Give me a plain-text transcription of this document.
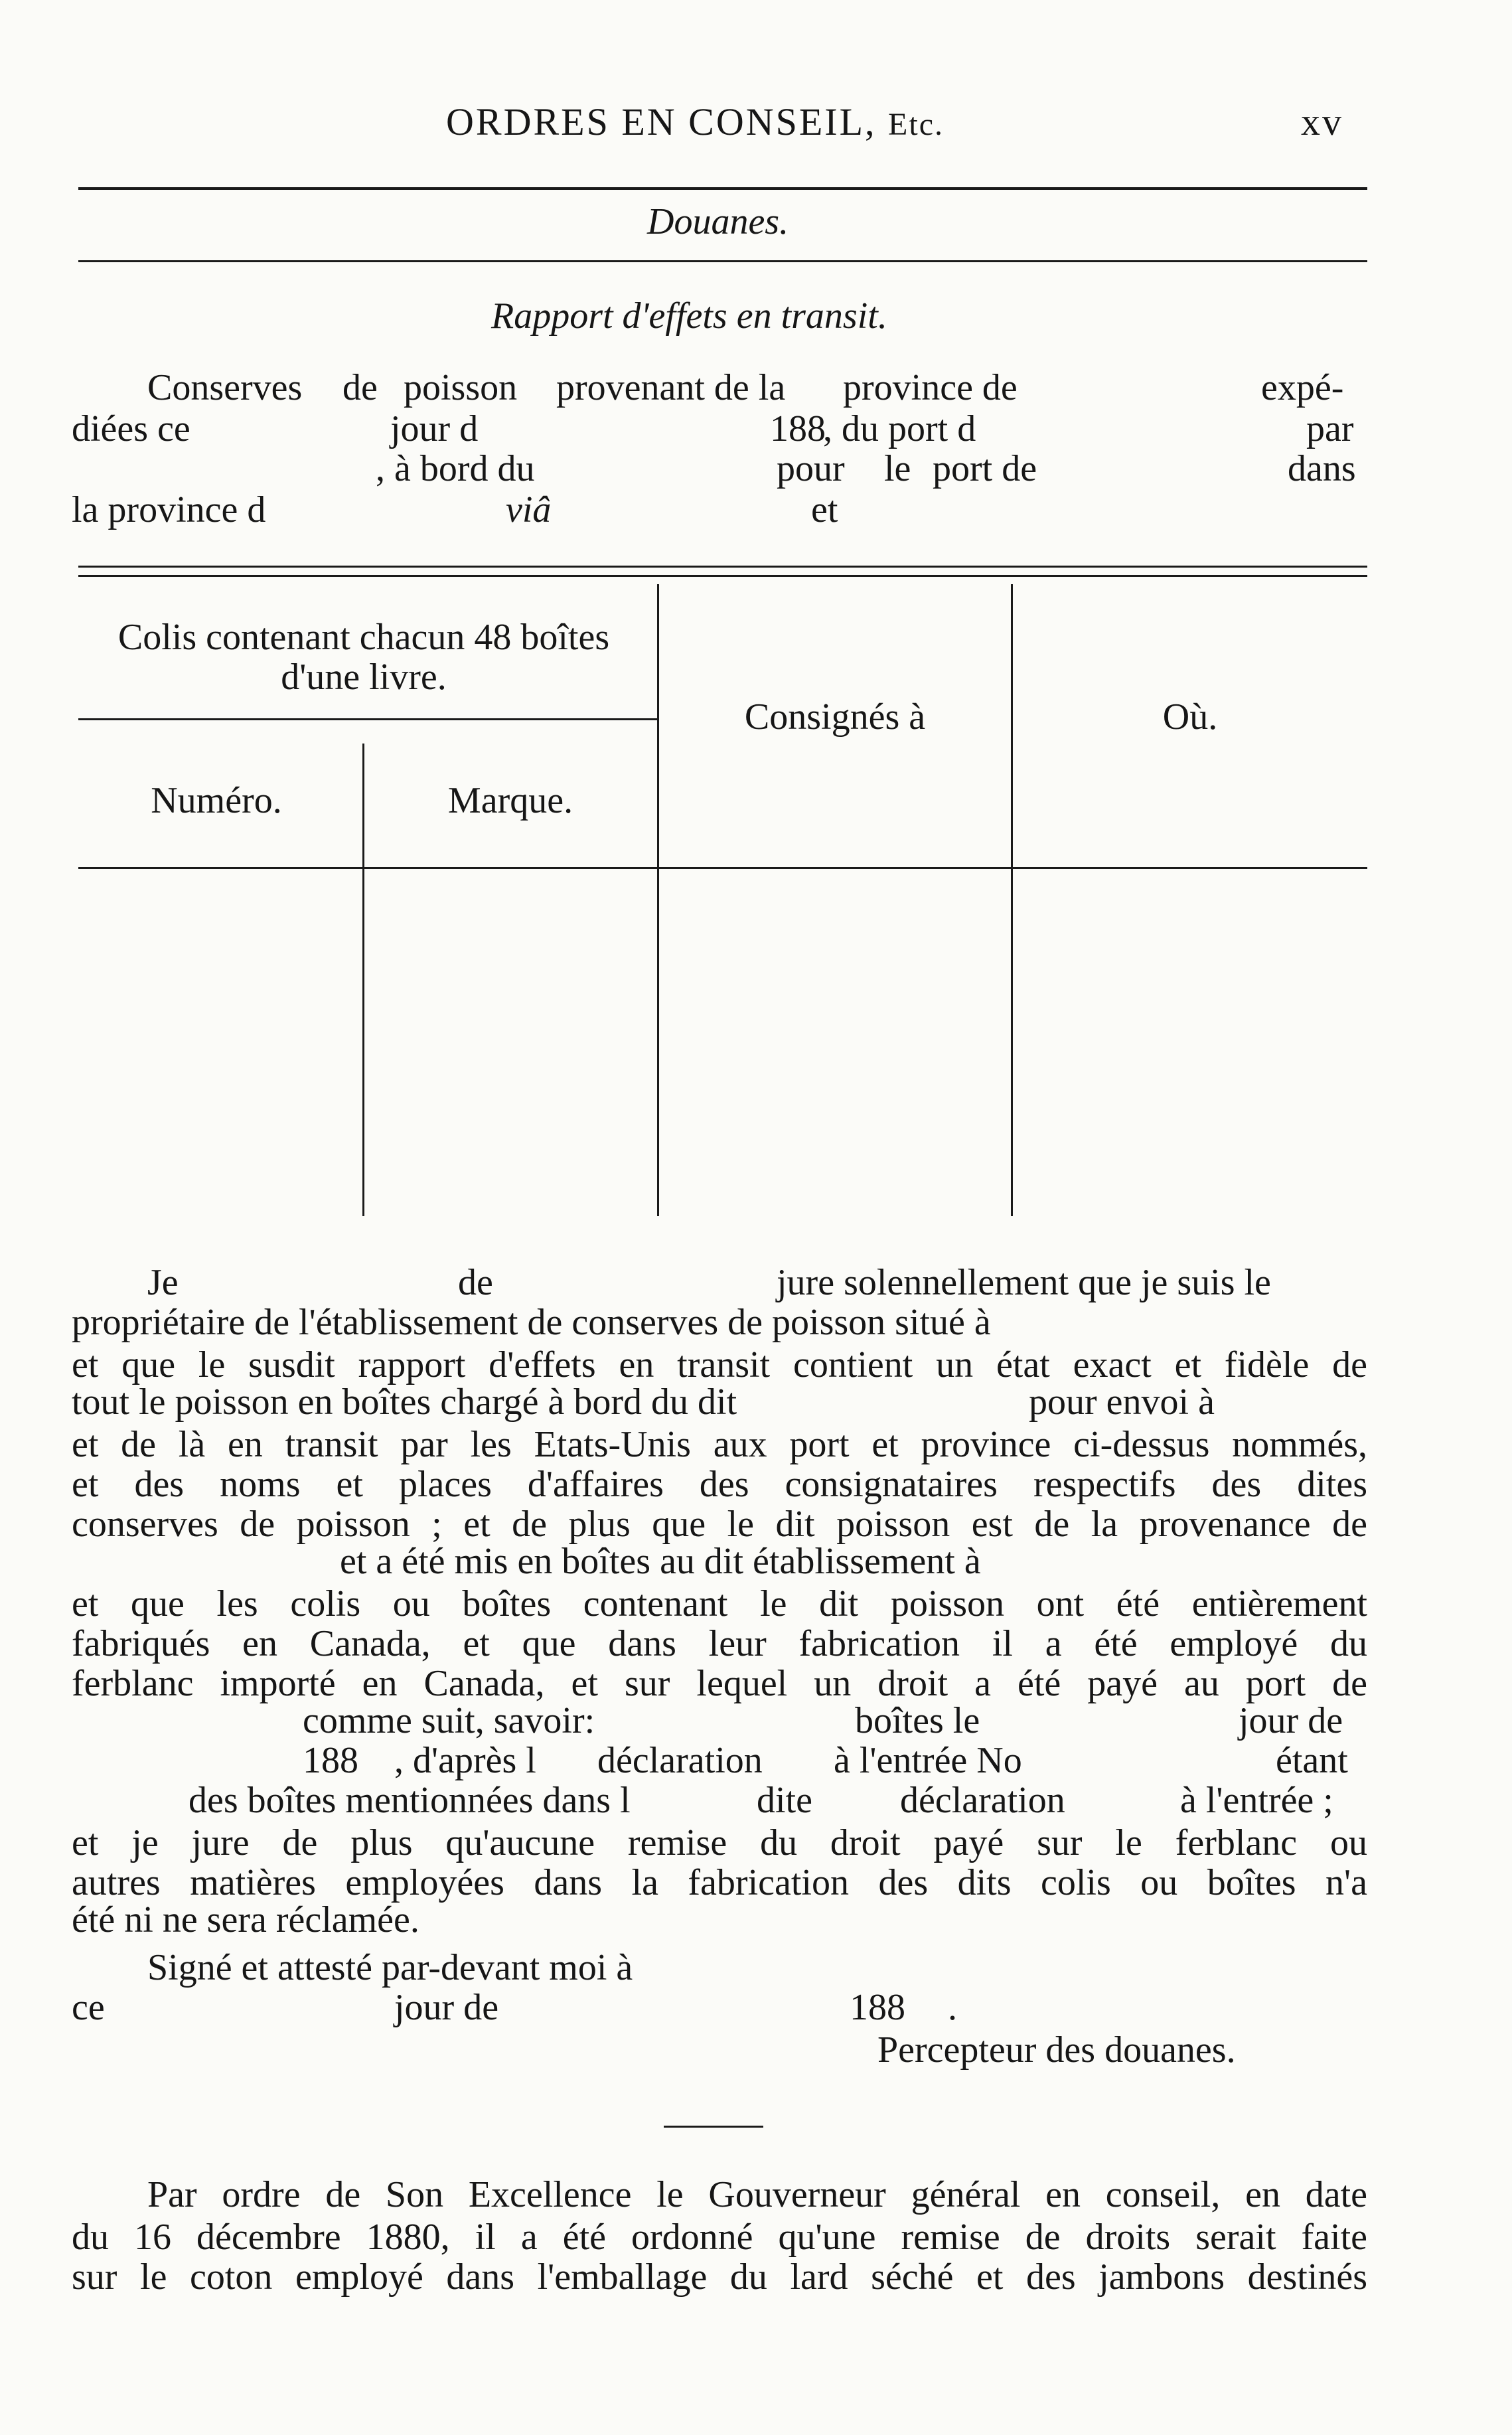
ORDRES EN CONSEIL, Etc.	xv
Douanes.
Rapport d'effets en transit.
Conserves de poisson provenant de la province de	expé-
diées ce	jour d	188
, du port d	par
, à bord du	pour le port de	dans
la province d	viâ	et
Colis contenant chacun 48 boîtes
d'une livre.
Consignés à	Où.
Numéro.	Marque.
Je	de	jure solennellement que je suis le
propriétaire de l'établissement de conserves de poisson situé à
et que le susdit rapport d'effets en transit contient un état exact et fidèle de
tout le poisson en boîtes chargé à bord du dit	pour envoi à
et de là en transit par les Etats-Unis aux port et province ci-dessus nommés,
et des noms et places d'affaires des consignataires respectifs des dites
conserves de poisson ; et de plus que le dit poisson est de la provenance de
et a été mis en boîtes au dit établissement à
et que les colis ou boîtes contenant le dit poisson ont été entièrement
fabriqués en Canada, et que dans leur fabrication il a été employé du
ferblanc importé en Canada, et sur lequel un droit a été payé au port de
comme suit, savoir:	boîtes le	jour de
188 , d'après l déclaration à l'entrée No	étant
des boîtes mentionnées dans l	dite déclaration	à l'entrée ;
et je jure de plus qu'aucune remise du droit payé sur le ferblanc ou
autres matières employées dans la fabrication des dits colis ou boîtes n'a
été ni ne sera réclamée.
Signé et attesté par-devant moi à
ce	jour de	188 .
Percepteur des douanes.
Par ordre de Son Excellence le Gouverneur général en conseil, en date
du 16 décembre 1880, il a été ordonné qu'une remise de droits serait faite
sur le coton employé dans l'emballage du lard séché et des jambons destinés
